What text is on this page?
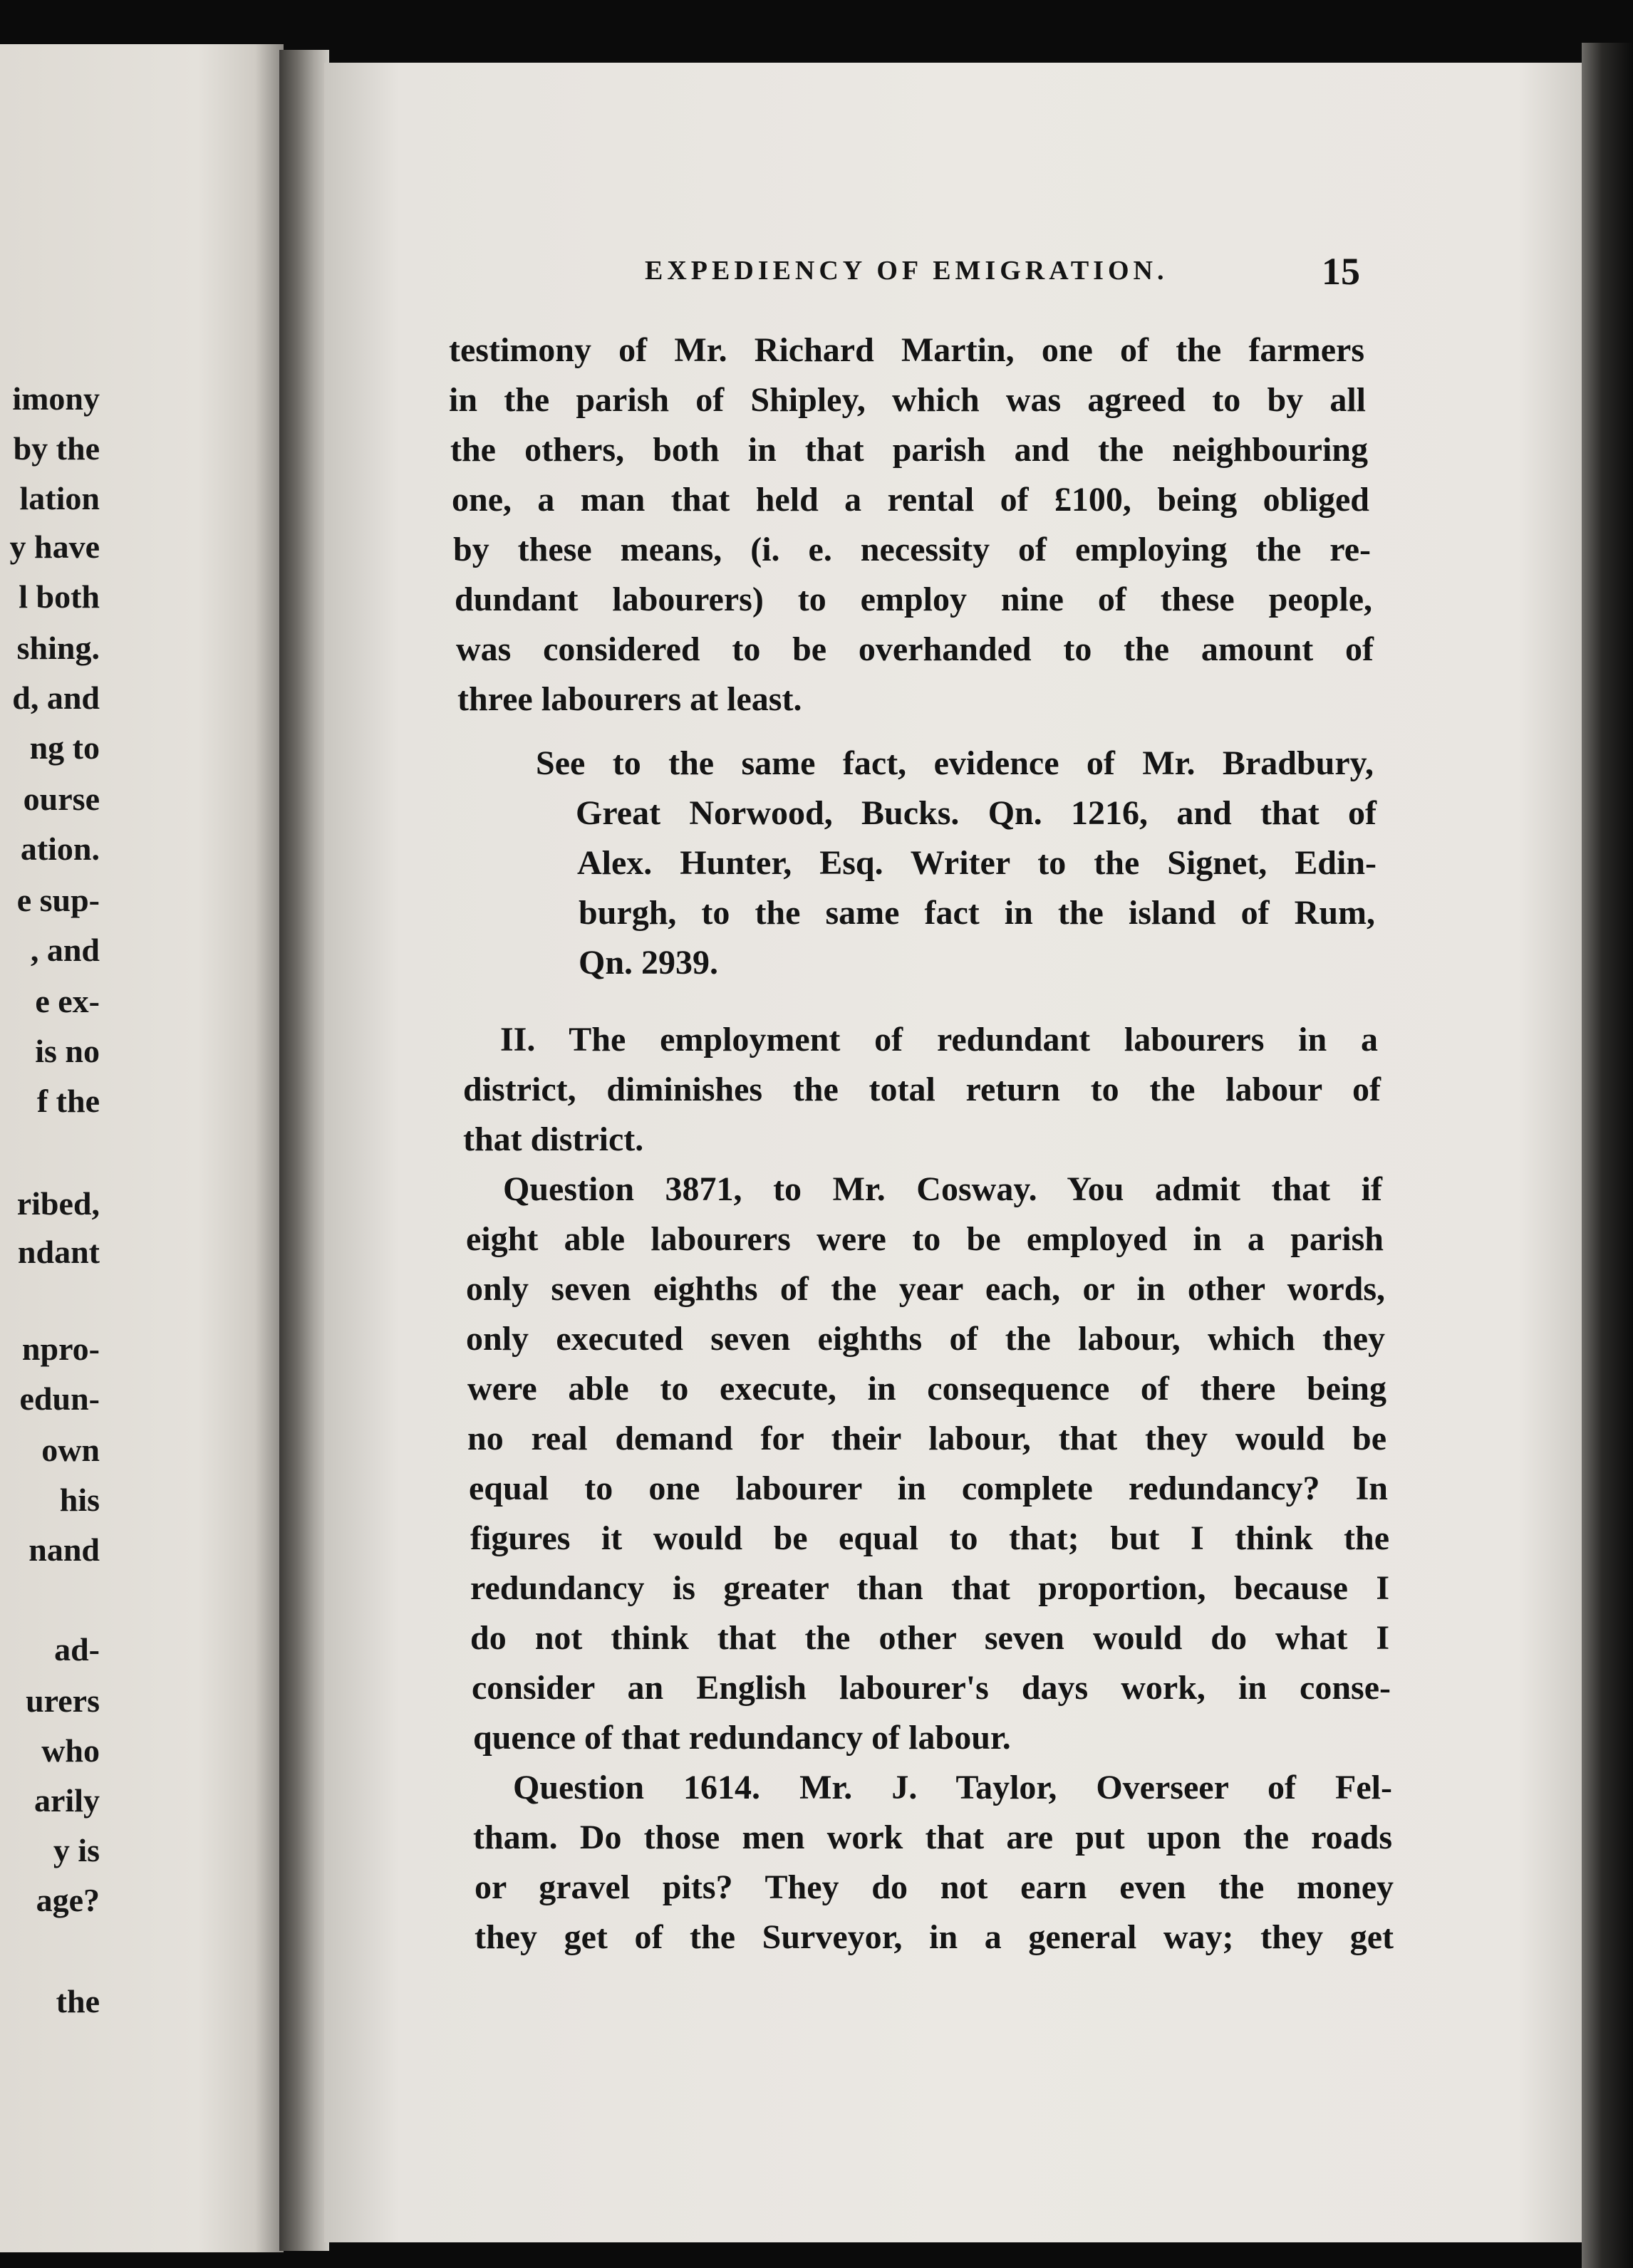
imony
by the
lation
y have
l both
shing.
d, and
ng to
ourse
ation.
e sup-
, and
e ex-
is no
f the
ribed,
ndant
npro-
edun-
own
his
nand
ad-
urers
who
arily
y is
age?
the
EXPEDIENCY OF EMIGRATION.	15
testimony of Mr. Richard Martin, one of the farmers
in the parish of Shipley, which was agreed to by all
the others, both in that parish and the neighbouring
one, a man that held a rental of £100, being obliged
by these means, (i. e. necessity of employing the re-
dundant labourers) to employ nine of these people,
was considered to be overhanded to the amount of
three labourers at least.
See to the same fact, evidence of Mr. Bradbury,
Great Norwood, Bucks. Qn. 1216, and that of
Alex. Hunter, Esq. Writer to the Signet, Edin-
burgh, to the same fact in the island of Rum,
Qn. 2939.
II. The employment of redundant labourers in a
district, diminishes the total return to the labour of
that district.
Question 3871, to Mr. Cosway. You admit that if
eight able labourers were to be employed in a parish
only seven eighths of the year each, or in other words,
only executed seven eighths of the labour, which they
were able to execute, in consequence of there being
no real demand for their labour, that they would be
equal to one labourer in complete redundancy? In
figures it would be equal to that; but I think the
redundancy is greater than that proportion, because I
do not think that the other seven would do what I
consider an English labourer's days work, in conse-
quence of that redundancy of labour.
Question 1614. Mr. J. Taylor, Overseer of Fel-
tham. Do those men work that are put upon the roads
or gravel pits? They do not earn even the money
they get of the Surveyor, in a general way; they get
